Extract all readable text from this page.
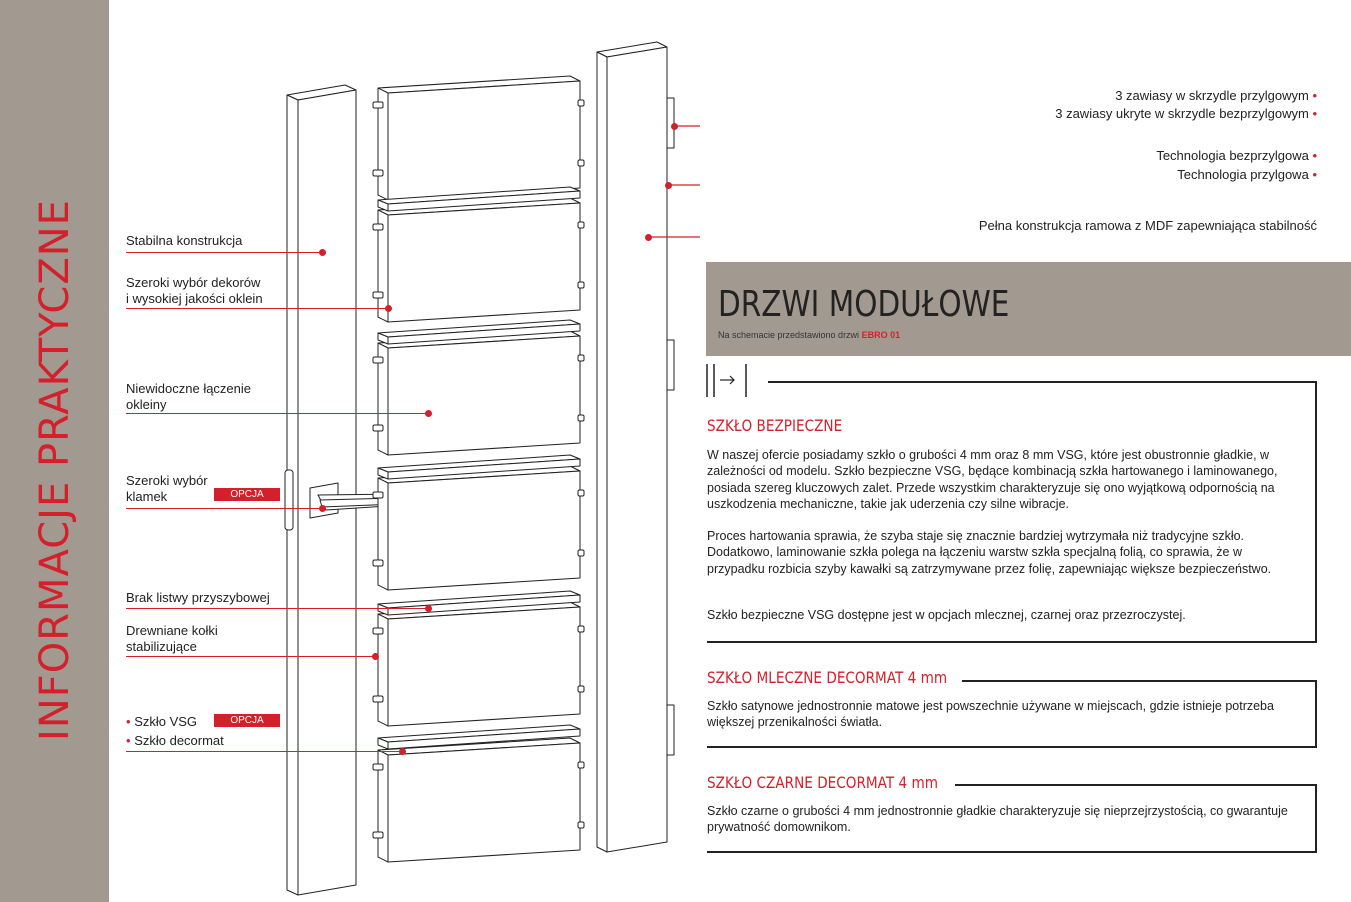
INFORMACJE PRAKTYCZNE	Stabilna konstrukcja
Szeroki wybór dekorów
i wysokiej jakości oklein
Niewidoczne łączenie
okleiny
Szeroki wybór
klamek	OPCJA
Brak listwy przyszybowej
Drewniane kołki
stabilizujące
• Szkło VSG	OPCJA
• Szkło decormat
3 zawiasy w skrzydle przylgowym •
3 zawiasy ukryte w skrzydle bezprzylgowym •
Technologia bezprzylgowa •
Technologia przylgowa •
Pełna konstrukcja ramowa z MDF zapewniająca stabilność
DRZWI MODUŁOWE
Na schemacie przedstawiono drzwi EBRO 01
SZKŁO BEZPIECZNE
W naszej ofercie posiadamy szkło o grubości 4 mm oraz 8 mm VSG, które jest obustronnie gładkie, w zależności od modelu. Szkło bezpieczne VSG, będące kombinacją szkła hartowanego i laminowanego, posiada szereg kluczowych zalet. Przede wszystkim charakteryzuje się ono wyjątkową odpornością na uszkodzenia mechaniczne, takie jak uderzenia czy silne wibracje.
Proces hartowania sprawia, że szyba staje się znacznie bardziej wytrzymała niż tradycyjne szkło. Dodatkowo, laminowanie szkła polega na łączeniu warstw szkła specjalną folią, co sprawia, że w przypadku rozbicia szyby kawałki są zatrzymywane przez folię, zapewniając większe bezpieczeństwo.
Szkło bezpieczne VSG dostępne jest w opcjach mlecznej, czarnej oraz przezroczystej.
SZKŁO MLECZNE DECORMAT 4 mm
Szkło satynowe jednostronnie matowe jest powszechnie używane w miejscach, gdzie istnieje potrzeba większej przenikalności światła.
SZKŁO CZARNE DECORMAT 4 mm
Szkło czarne o grubości 4 mm jednostronnie gładkie charakteryzuje się nieprzejrzystością, co gwarantuje prywatność domownikom.
